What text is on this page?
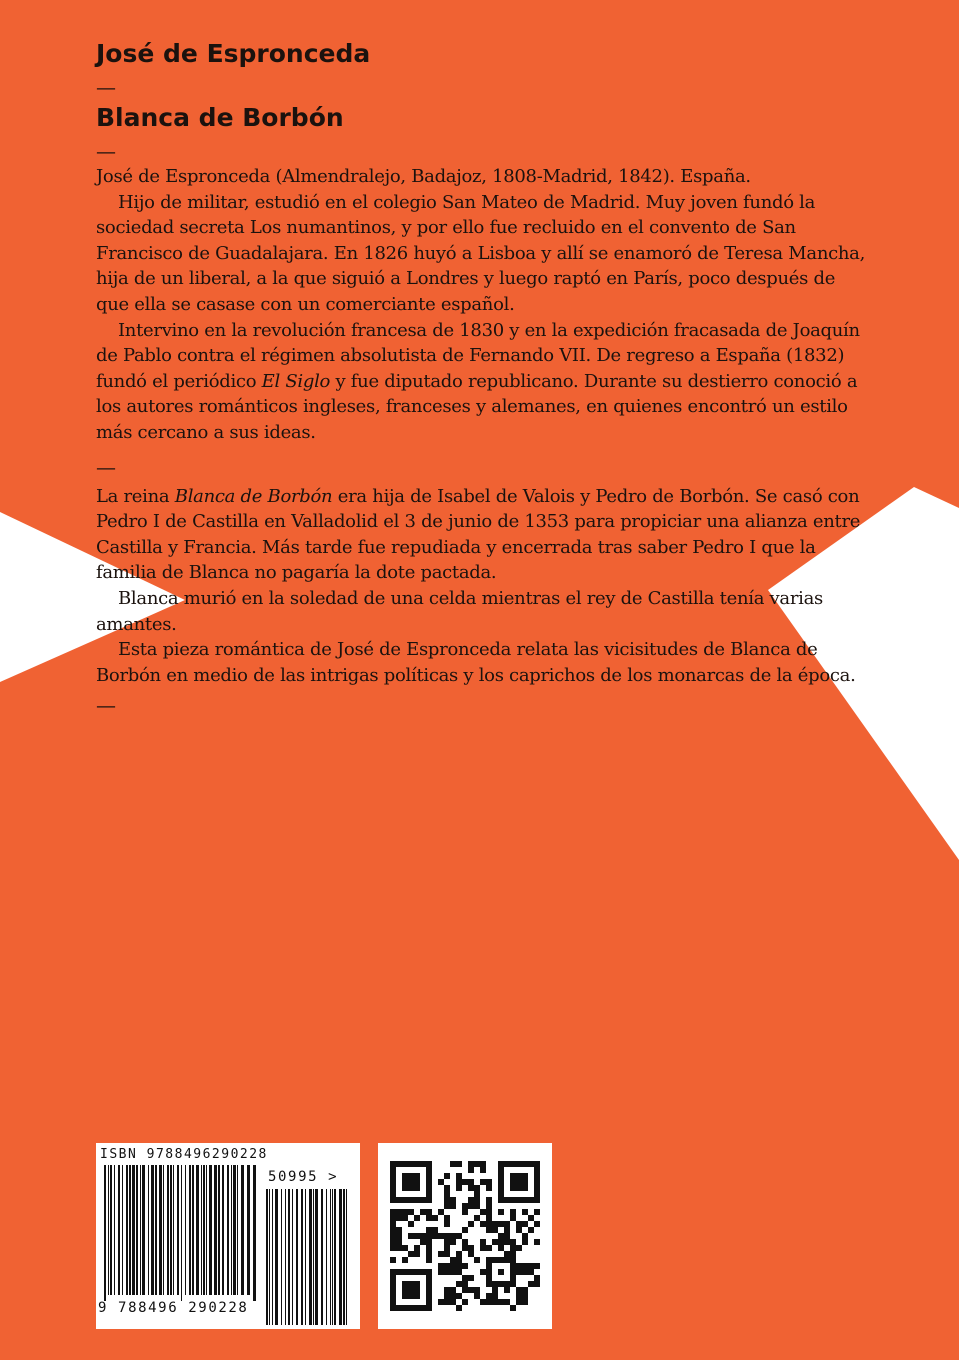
José de Espronceda
—
Blanca de Borbón
—

José de Espronceda (Almendralejo, Badajoz, 1808-Madrid, 1842). España.

Hijo de militar, estudió en el colegio San Mateo de Madrid. Muy joven fundó la sociedad secreta Los numantinos, y por ello fue recluido en el convento de San Francisco de Guadalajara. En 1826 huyó a Lisboa y allí se enamoró de Teresa Mancha, hija de un liberal, a la que siguió a Londres y luego raptó en París, poco después de que ella se casase con un comerciante español.

Intervino en la revolución francesa de 1830 y en la expedición fracasada de Joaquín de Pablo contra el régimen absolutista de Fernando VII. De regreso a España (1832) fundó el periódico El Siglo y fue diputado republicano. Durante su destierro conoció a los autores románticos ingleses, franceses y alemanes, en quienes encontró un estilo más cercano a sus ideas.

—

La reina Blanca de Borbón era hija de Isabel de Valois y Pedro de Borbón. Se casó con Pedro I de Castilla en Valladolid el 3 de junio de 1353 para propiciar una alianza entre Castilla y Francia. Más tarde fue repudiada y encerrada tras saber Pedro I que la familia de Blanca no pagaría la dote pactada.

Blanca murió en la soledad de una celda mientras el rey de Castilla tenía varias amantes.

Esta pieza romántica de José de Espronceda relata las vicisitudes de Blanca de Borbón en medio de las intrigas políticas y los caprichos de los monarcas de la época.

—
ISBN 9788496290228
9 788496 290228
50995 >
